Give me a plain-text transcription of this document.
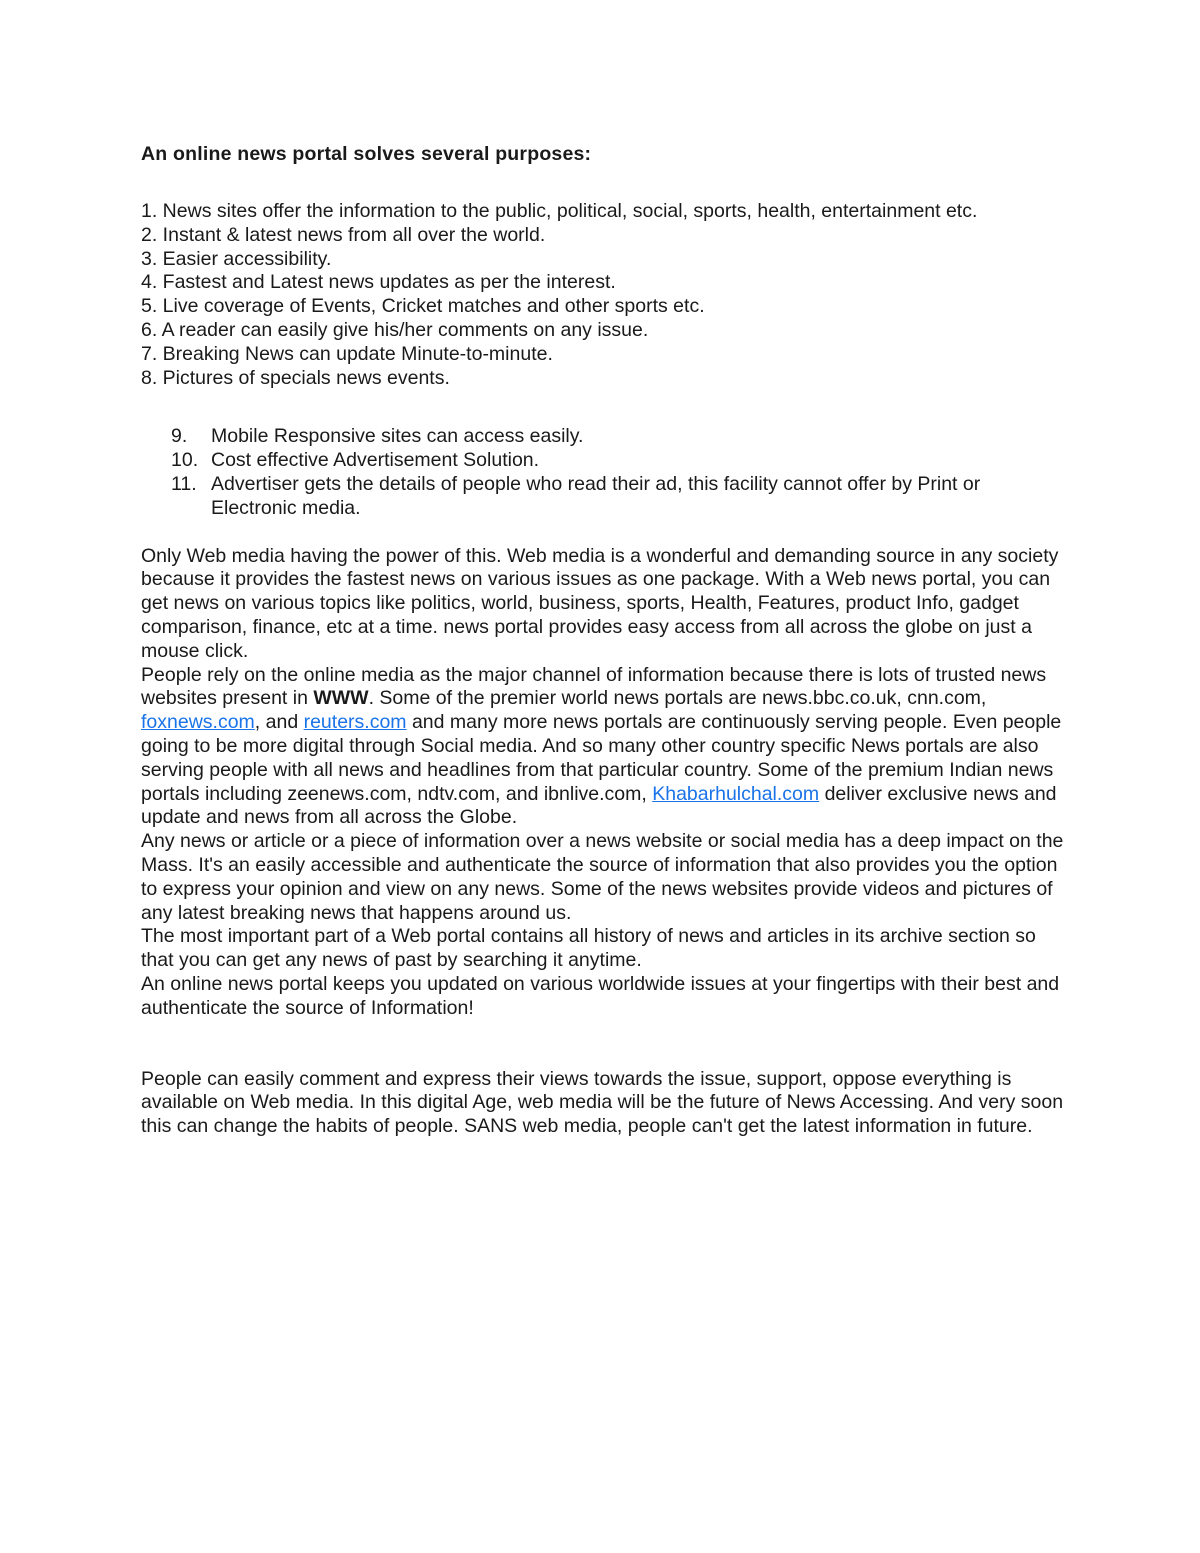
An online news portal solves several purposes:

1. News sites offer the information to the public, political, social, sports, health, entertainment etc.
2. Instant & latest news from all over the world.
3. Easier accessibility.
4. Fastest and Latest news updates as per the interest.
5. Live coverage of Events, Cricket matches and other sports etc.
6. A reader can easily give his/her comments on any issue.
7. Breaking News can update Minute-to-minute.
8. Pictures of specials news events.
9.	Mobile Responsive sites can access easily.
10. Cost effective Advertisement Solution.
11. Advertiser gets the details of people who read their ad, this facility cannot offer by Print or Electronic media.

Only Web media having the power of this. Web media is a wonderful and demanding source in any society because it provides the fastest news on various issues as one package. With a Web news portal, you can get news on various topics like politics, world, business, sports, Health, Features, product Info, gadget comparison, finance, etc at a time. news portal provides easy access from all across the globe on just a mouse click.

People rely on the online media as the major channel of information because there is lots of trusted news websites present in WWW. Some of the premier world news portals are news.bbc.co.uk, cnn.com, foxnews.com, and reuters.com and many more news portals are continuously serving people. Even people going to be more digital through Social media. And so many other country specific News portals are also serving people with all news and headlines from that particular country. Some of the premium Indian news portals including zeenews.com, ndtv.com, and ibnlive.com, Khabarhulchal.com deliver exclusive news and update and news from all across the Globe.

Any news or article or a piece of information over a news website or social media has a deep impact on the Mass. It's an easily accessible and authenticate the source of information that also provides you the option to express your opinion and view on any news. Some of the news websites provide videos and pictures of any latest breaking news that happens around us.

The most important part of a Web portal contains all history of news and articles in its archive section so that you can get any news of past by searching it anytime.

An online news portal keeps you updated on various worldwide issues at your fingertips with their best and authenticate the source of Information!

People can easily comment and express their views towards the issue, support, oppose everything is available on Web media. In this digital Age, web media will be the future of News Accessing. And very soon this can change the habits of people. SANS web media, people can't get the latest information in future.
